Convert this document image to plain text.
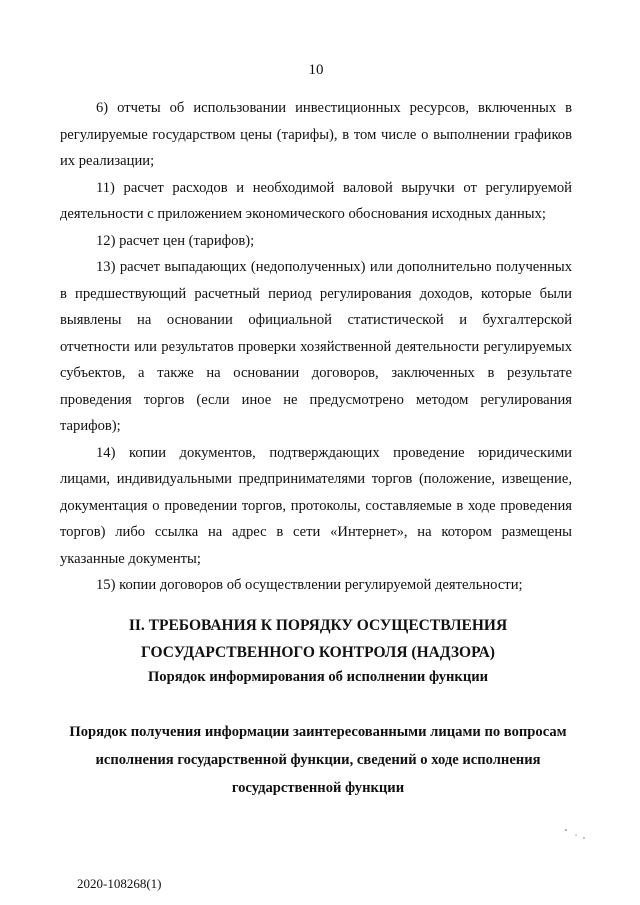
10

6) отчеты об использовании инвестиционных ресурсов, включенных в регулируемые государством цены (тарифы), в том числе о выполнении графиков их реализации;

11) расчет расходов и необходимой валовой выручки от регулируемой деятельности с приложением экономического обоснования исходных данных;

12) расчет цен (тарифов);

13) расчет выпадающих (недополученных) или дополнительно полученных в предшествующий расчетный период регулирования доходов, которые были выявлены на основании официальной статистической и бухгалтерской отчетности или результатов проверки хозяйственной деятельности регулируемых субъектов, а также на основании договоров, заключенных в результате проведения торгов (если иное не предусмотрено методом регулирования тарифов);

14) копии документов, подтверждающих проведение юридическими лицами, индивидуальными предпринимателями торгов (положение, извещение, документация о проведении торгов, протоколы, составляемые в ходе проведения торгов) либо ссылка на адрес в сети «Интернет», на котором размещены указанные документы;

15) копии договоров об осуществлении регулируемой деятельности;

II. ТРЕБОВАНИЯ К ПОРЯДКУ ОСУЩЕСТВЛЕНИЯ
ГОСУДАРСТВЕННОГО КОНТРОЛЯ (НАДЗОРА)
Порядок информирования об исполнении функции
Порядок получения информации заинтересованными лицами по вопросам
исполнения государственной функции, сведений о ходе исполнения
государственной функции
2020-108268(1)
